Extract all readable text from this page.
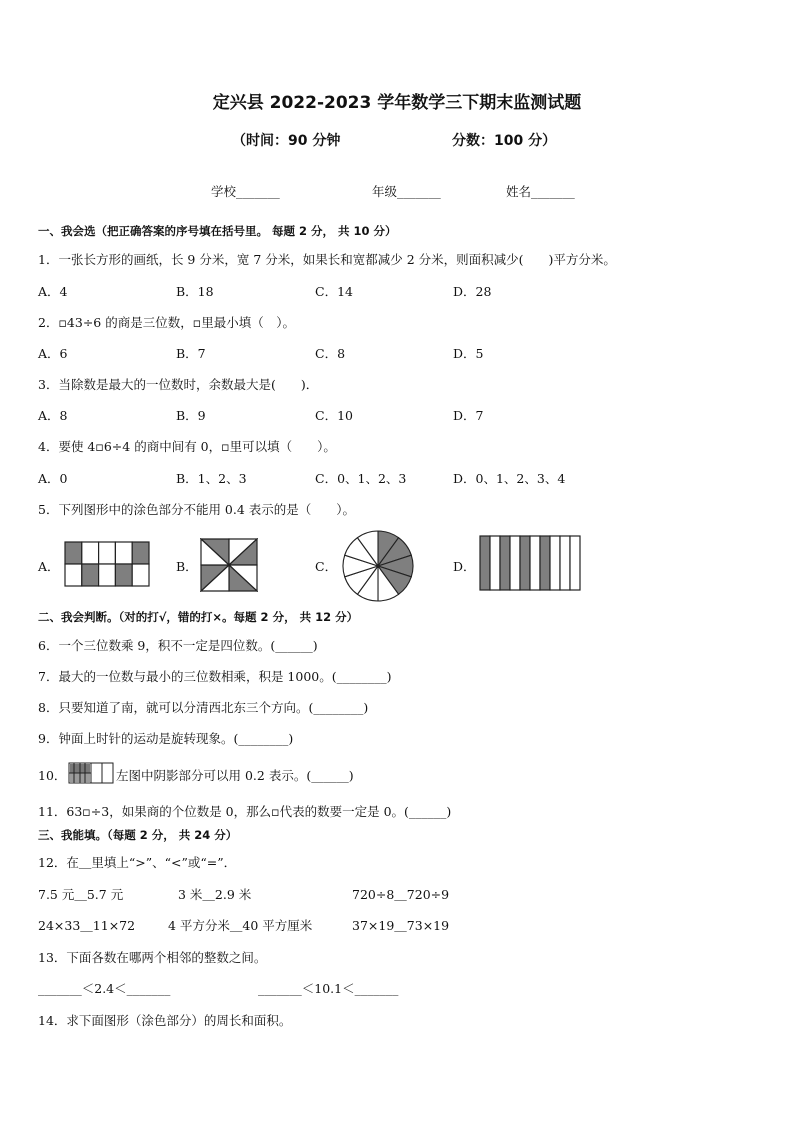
定兴县 2022-2023 学年数学三下期末监测试题
（时间：90 分钟	分数：100 分）
学校_______	年级_______	姓名_______
一、我会选（把正确答案的序号填在括号里。 每题 2 分， 共 10 分）
1．一张长方形的画纸，长 9 分米，宽 7 分米，如果长和宽都减少 2 分米，则面积减少(　　)平方分米。
A．4	B．18	C．14	D．28
2．▫43÷6 的商是三位数，▫里最小填（　）。
A．6	B．7	C．8	D．5
3．当除数是最大的一位数时，余数最大是(　　)．
A．8	B．9	C．10	D．7
4．要使 4▫6÷4 的商中间有 0，▫里可以填（　　）。
A．0	B．1、2、3	C．0、1、2、3	D．0、1、2、3、4
5．下列图形中的涂色部分不能用 0.4 表示的是（　　）。
A．	B．	C．	D．
二、我会判断。（对的打√，错的打×。每题 2 分， 共 12 分）
6．一个三位数乘 9，积不一定是四位数。(______)
7．最大的一位数与最小的三位数相乘，积是 1000。(________)
8．只要知道了南，就可以分清西北东三个方向。(________)
9．钟面上时针的运动是旋转现象。(________)
10．	左图中阴影部分可以用 0.2 表示。(______)
11．63▫÷3，如果商的个位数是 0，那么▫代表的数要一定是 0。(______)
三、我能填。（每题 2 分， 共 24 分）
12．在＿里填上“>”、“<”或“=”．
7.5 元＿5.7 元	3 米＿2.9 米	720÷8＿720÷9
24×33＿11×72	4 平方分米＿40 平方厘米	37×19＿73×19
13．下面各数在哪两个相邻的整数之间。
_______＜2.4＜_______	_______＜10.1＜_______
14．求下面图形（涂色部分）的周长和面积。
